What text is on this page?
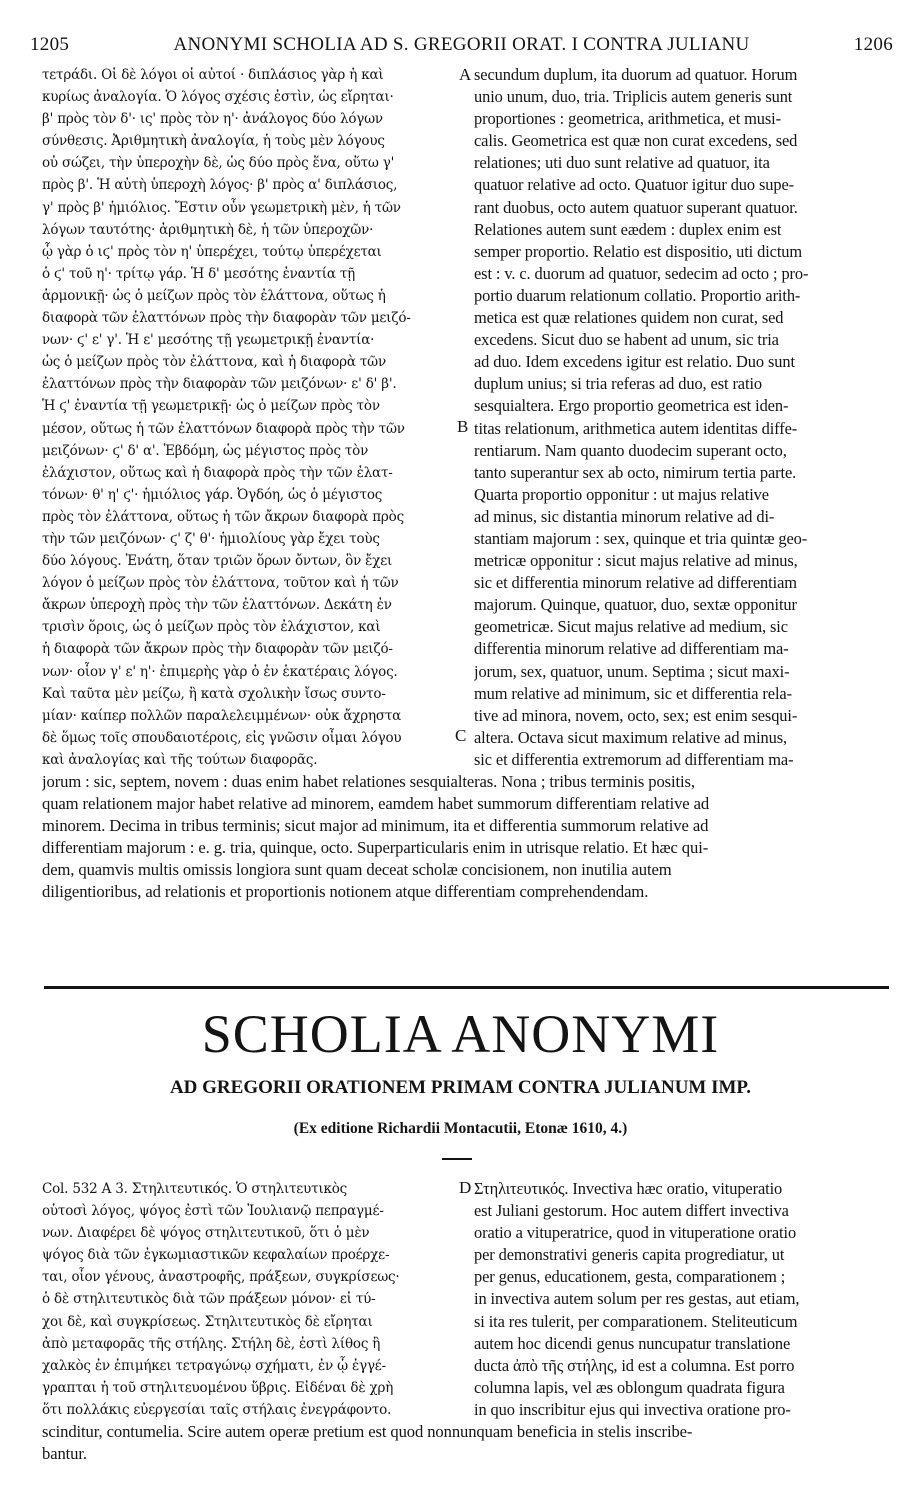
1205	ANONYMI SCHOLIA AD S. GREGORII ORAT. I CONTRA JULIANU	1206
τετράδι. Οἱ δὲ λόγοι οἱ αὐτοί · διπλάσιος γὰρ ἡ καὶ
κυρίως ἀναλογία. Ὁ λόγος σχέσις ἐστὶν, ὡς εἴρηται·
β' πρὸς τὸν δ'· ις' πρὸς τὸν η'· ἀνάλογος δύο λόγων
σύνθεσις. Ἀριθμητικὴ ἀναλογία, ἡ τοὺς μὲν λόγους
οὐ σώζει, τὴν ὑπεροχὴν δὲ, ὡς δύο πρὸς ἕνα, οὕτω γ'
πρὸς β'. Ἡ αὐτὴ ὑπεροχὴ λόγος· β' πρὸς α' διπλάσιος,
γ' πρὸς β' ἡμιόλιος. Ἔστιν οὖν γεωμετρικὴ μὲν, ἡ τῶν
λόγων ταυτότης· ἀριθμητικὴ δὲ, ἡ τῶν ὑπεροχῶν·
ᾧ γὰρ ὁ ιϛ' πρὸς τὸν η' ὑπερέχει, τούτῳ ὑπερέχεται
ὁ ϛ' τοῦ η'· τρίτῳ γάρ. Ἡ δ' μεσότης ἐναντία τῇ
ἁρμονικῇ· ὡς ὁ μείζων πρὸς τὸν ἐλάττονα, οὕτως ἡ
διαφορὰ τῶν ἐλαττόνων πρὸς τὴν διαφορὰν τῶν μειζό-
νων· ϛ' ε' γ'. Ἡ ε' μεσότης τῇ γεωμετρικῇ ἐναντία·
ὡς ὁ μείζων πρὸς τὸν ἐλάττονα, καὶ ἡ διαφορὰ τῶν
ἐλαττόνων πρὸς τὴν διαφορὰν τῶν μειζόνων· ε' δ' β'.
Ἡ ϛ' ἐναντία τῇ γεωμετρικῇ· ὡς ὁ μείζων πρὸς τὸν
μέσον, οὕτως ἡ τῶν ἐλαττόνων διαφορὰ πρὸς τὴν τῶν
μειζόνων· ϛ' δ' α'. Ἑβδόμη, ὡς μέγιστος πρὸς τὸν
ἐλάχιστον, οὕτως καὶ ἡ διαφορὰ πρὸς τὴν τῶν ἐλατ-
τόνων· θ' η' ϛ'· ἡμιόλιος γάρ. Ὀγδόη, ὡς ὁ μέγιστος
πρὸς τὸν ἐλάττονα, οὕτως ἡ τῶν ἄκρων διαφορὰ πρὸς
τὴν τῶν μειζόνων· ϛ' ζ' θ'· ἡμιολίους γὰρ ἔχει τοὺς
δύο λόγους. Ἐνάτη, ὅταν τριῶν ὅρων ὄντων, ὃν ἔχει
λόγον ὁ μείζων πρὸς τὸν ἐλάττονα, τοῦτον καὶ ἡ τῶν
ἄκρων ὑπεροχὴ πρὸς τὴν τῶν ἐλαττόνων. Δεκάτη ἐν
τρισὶν ὅροις, ὡς ὁ μείζων πρὸς τὸν ἐλάχιστον, καὶ
ἡ διαφορὰ τῶν ἄκρων πρὸς τὴν διαφορὰν τῶν μειζό-
νων· οἷον γ' ε' η'· ἐπιμερὴς γὰρ ὁ ἐν ἑκατέραις λόγος.
Καὶ ταῦτα μὲν μείζω, ἢ κατὰ σχολικὴν ἴσως συντο-
μίαν· καίπερ πολλῶν παραλελειμμένων· οὐκ ἄχρηστα
δὲ ὅμως τοῖς σπουδαιοτέροις, εἰς γνῶσιν οἶμαι λόγου
καὶ ἀναλογίας καὶ τῆς τούτων διαφορᾶς.
secundum duplum, ita duorum ad quatuor. Horum
unio unum, duo, tria. Triplicis autem generis sunt
proportiones : geometrica, arithmetica, et musi-
calis. Geometrica est quæ non curat excedens, sed
relationes; uti duo sunt relative ad quatuor, ita
quatuor relative ad octo. Quatuor igitur duo supe-
rant duobus, octo autem quatuor superant quatuor.
Relationes autem sunt eædem : duplex enim est
semper proportio. Relatio est dispositio, uti dictum
est : v. c. duorum ad quatuor, sedecim ad octo ; pro-
portio duarum relationum collatio. Proportio arith-
metica est quæ relationes quidem non curat, sed
excedens. Sicut duo se habent ad unum, sic tria
ad duo. Idem excedens igitur est relatio. Duo sunt
duplum unius; si tria referas ad duo, est ratio
sesquialtera. Ergo proportio geometrica est iden-
titas relationum, arithmetica autem identitas diffe-
rentiarum. Nam quanto duodecim superant octo,
tanto superantur sex ab octo, nimirum tertia parte.
Quarta proportio opponitur : ut majus relative
ad minus, sic distantia minorum relative ad di-
stantiam majorum : sex, quinque et tria quintæ geo-
metricæ opponitur : sicut majus relative ad minus,
sic et differentia minorum relative ad differentiam
majorum. Quinque, quatuor, duo, sextæ opponitur
geometricæ. Sicut majus relative ad medium, sic
differentia minorum relative ad differentiam ma-
jorum, sex, quatuor, unum. Septima ; sicut maxi-
mum relative ad minimum, sic et differentia rela-
tive ad minora, novem, octo, sex; est enim sesqui-
altera. Octava sicut maximum relative ad minus,
sic et differentia extremorum ad differentiam ma-
jorum : sic, septem, novem : duas enim habet relationes sesquialteras. Nona ; tribus terminis positis,
quam relationem major habet relative ad minorem, eamdem habet summorum differentiam relative ad
minorem. Decima in tribus terminis; sicut major ad minimum, ita et differentia summorum relative ad
differentiam majorum : e. g. tria, quinque, octo. Superparticularis enim in utrisque relatio. Et hæc qui-
dem, quamvis multis omissis longiora sunt quam deceat scholæ concisionem, non inutilia autem
diligentioribus, ad relationis et proportionis notionem atque differentiam comprehendendam.
A
B
C
SCHOLIA ANONYMI
AD GREGORII ORATIONEM PRIMAM CONTRA JULIANUM IMP.
(Ex editione Richardii Montacutii, Etonæ 1610, 4.)
Col. 532 A 3. Στηλιτευτικός. Ὁ στηλιτευτικὸς
οὑτοσὶ λόγος, ψόγος ἐστὶ τῶν Ἰουλιανῷ πεπραγμέ-
νων. Διαφέρει δὲ ψόγος στηλιτευτικοῦ, ὅτι ὁ μὲν
ψόγος διὰ τῶν ἐγκωμιαστικῶν κεφαλαίων προέρχε-
ται, οἷον γένους, ἀναστροφῆς, πράξεων, συγκρίσεως·
ὁ δὲ στηλιτευτικὸς διὰ τῶν πράξεων μόνον· εἰ τύ-
χοι δὲ, καὶ συγκρίσεως. Στηλιτευτικὸς δὲ εἴρηται
ἀπὸ μεταφορᾶς τῆς στήλης. Στήλη δὲ, ἐστὶ λίθος ἢ
χαλκὸς ἐν ἐπιμήκει τετραγώνῳ σχήματι, ἐν ᾧ ἐγγέ-
γραπται ἡ τοῦ στηλιτευομένου ὕβρις. Εἰδέναι δὲ χρὴ
ὅτι πολλάκις εὐεργεσίαι ταῖς στήλαις ἐνεγράφοντο.
Στηλιτευτικός. Invectiva hæc oratio, vituperatio
est Juliani gestorum. Hoc autem differt invectiva
oratio a vituperatrice, quod in vituperatione oratio
per demonstrativi generis capita progrediatur, ut
per genus, educationem, gesta, comparationem ;
in invectiva autem solum per res gestas, aut etiam,
si ita res tulerit, per comparationem. Steliteuticum
autem hoc dicendi genus nuncupatur translatione
ducta ἀπὸ τῆς στήλης, id est a columna. Est porro
columna lapis, vel æs oblongum quadrata figura
in quo inscribitur ejus qui invectiva oratione pro-
scinditur, contumelia. Scire autem operæ pretium est quod nonnunquam beneficia in stelis inscribe-
bantur.
D
